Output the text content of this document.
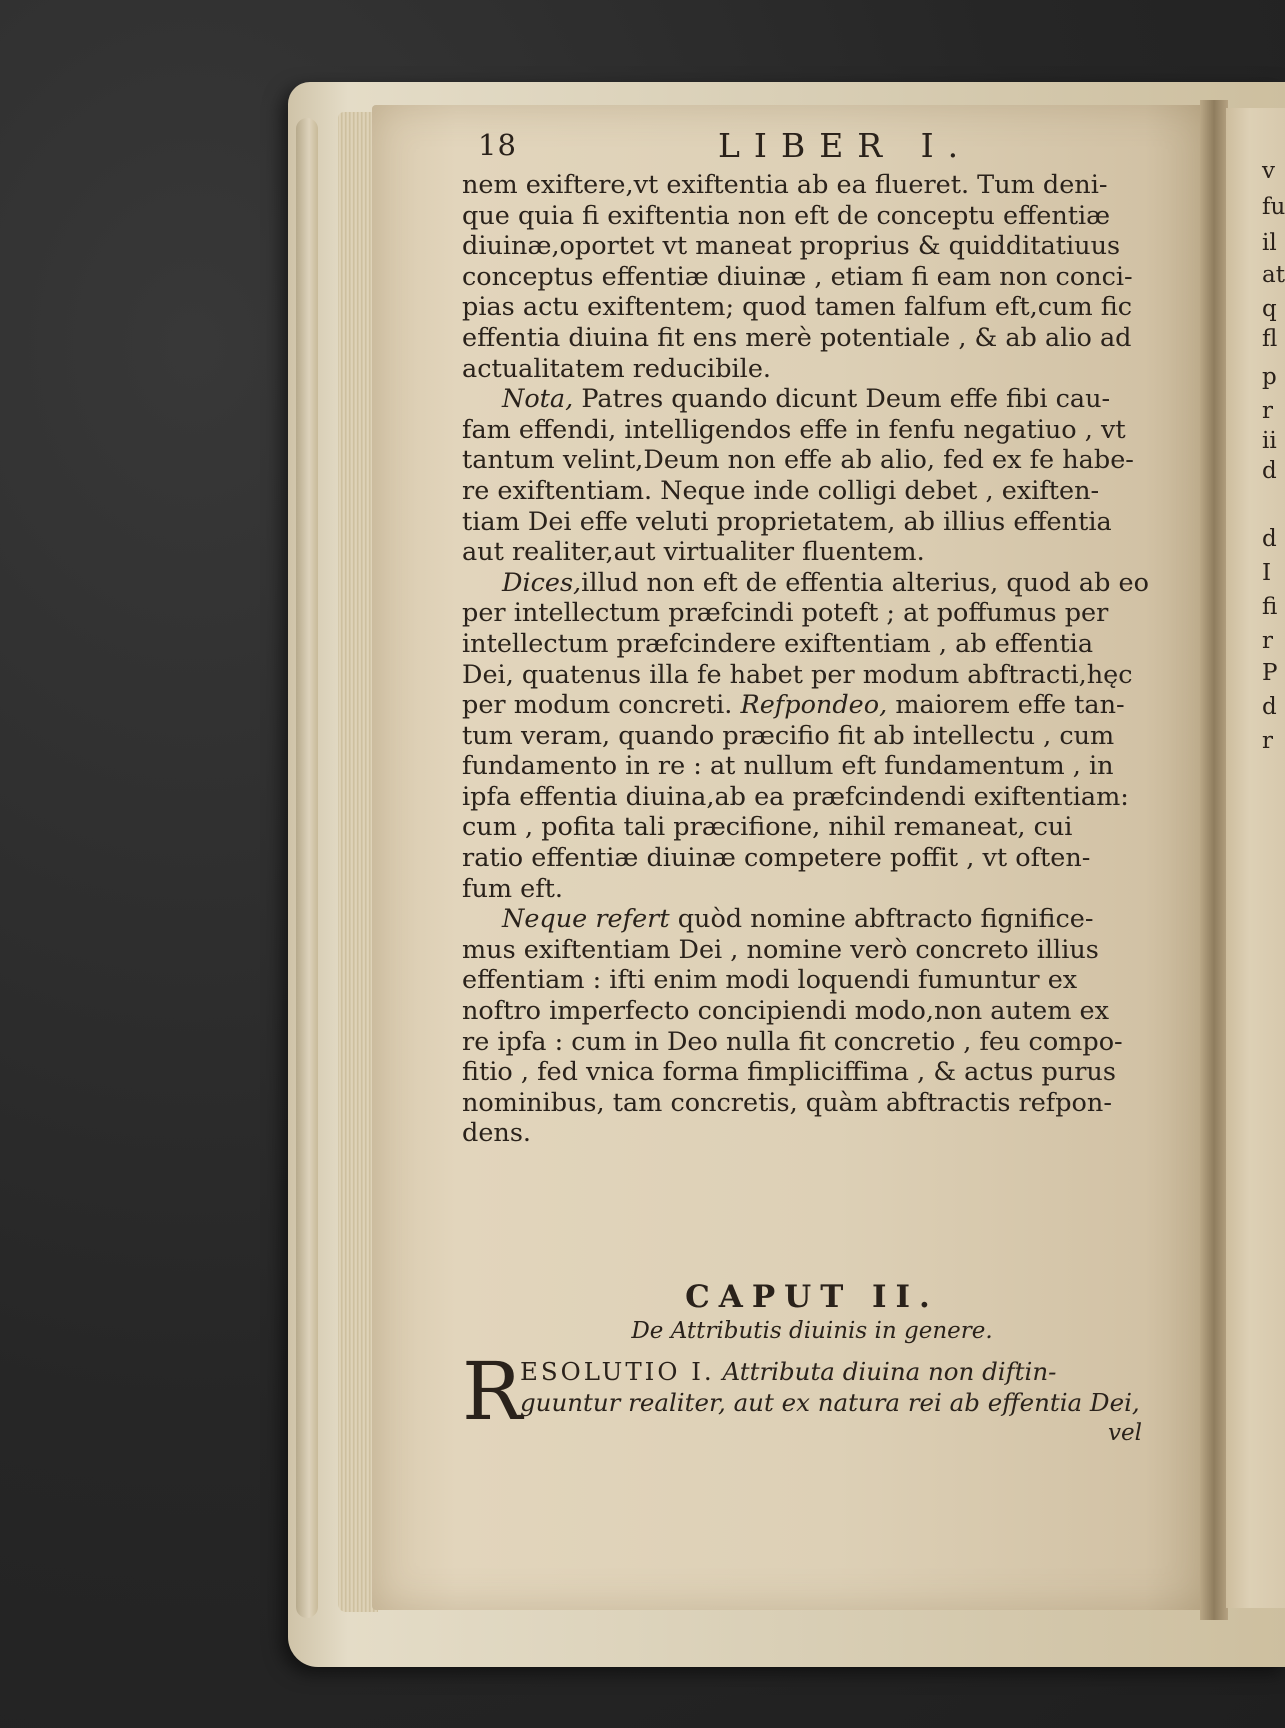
18	LIBER I.

nem exiftere,vt exiftentia ab ea flueret. Tum deni-
que quia fi exiftentia non eft de conceptu effentiæ
diuinæ,oportet vt maneat proprius & quidditatiuus
conceptus effentiæ diuinæ , etiam fi eam non conci-
pias actu exiftentem; quod tamen falfum eft,cum fic
effentia diuina fit ens merè potentiale , & ab alio ad
actualitatem reducibile.

Nota, Patres quando dicunt Deum effe fibi cau-
fam effendi, intelligendos effe in fenfu negatiuo , vt
tantum velint,Deum non effe ab alio, fed ex fe habe-
re exiftentiam. Neque inde colligi debet , exiften-
tiam Dei effe veluti proprietatem, ab illius effentia
aut realiter,aut virtualiter fluentem.

Dices,illud non eft de effentia alterius, quod ab eo
per intellectum præfcindi poteft ; at poffumus per
intellectum præfcindere exiftentiam , ab effentia
Dei, quatenus illa fe habet per modum abftracti,hęc
per modum concreti. Refpondeo, maiorem effe tan-
tum veram, quando præcifio fit ab intellectu , cum
fundamento in re : at nullum eft fundamentum , in
ipfa effentia diuina,ab ea præfcindendi exiftentiam:
cum , pofita tali præcifione, nihil remaneat, cui
ratio effentiæ diuinæ competere poffit , vt often-
fum eft.

Neque refert quòd nomine abftracto fignifice-
mus exiftentiam Dei , nomine verò concreto illius
effentiam : ifti enim modi loquendi fumuntur ex
noftro imperfecto concipiendi modo,non autem ex
re ipfa : cum in Deo nulla fit concretio , feu compo-
fitio , fed vnica forma fimpliciffima , & actus purus
nominibus, tam concretis, quàm abftractis refpon-
dens.

CAPUT II.
De Attributis diuinis in genere.
R
ESOLUTIO I. Attributa diuina non diftin-
guuntur realiter, aut ex natura rei ab effentia Dei,
vel
v
fu
il
at
q
fl
p
r
ii
d
d
I
fi
r
P
d
r
